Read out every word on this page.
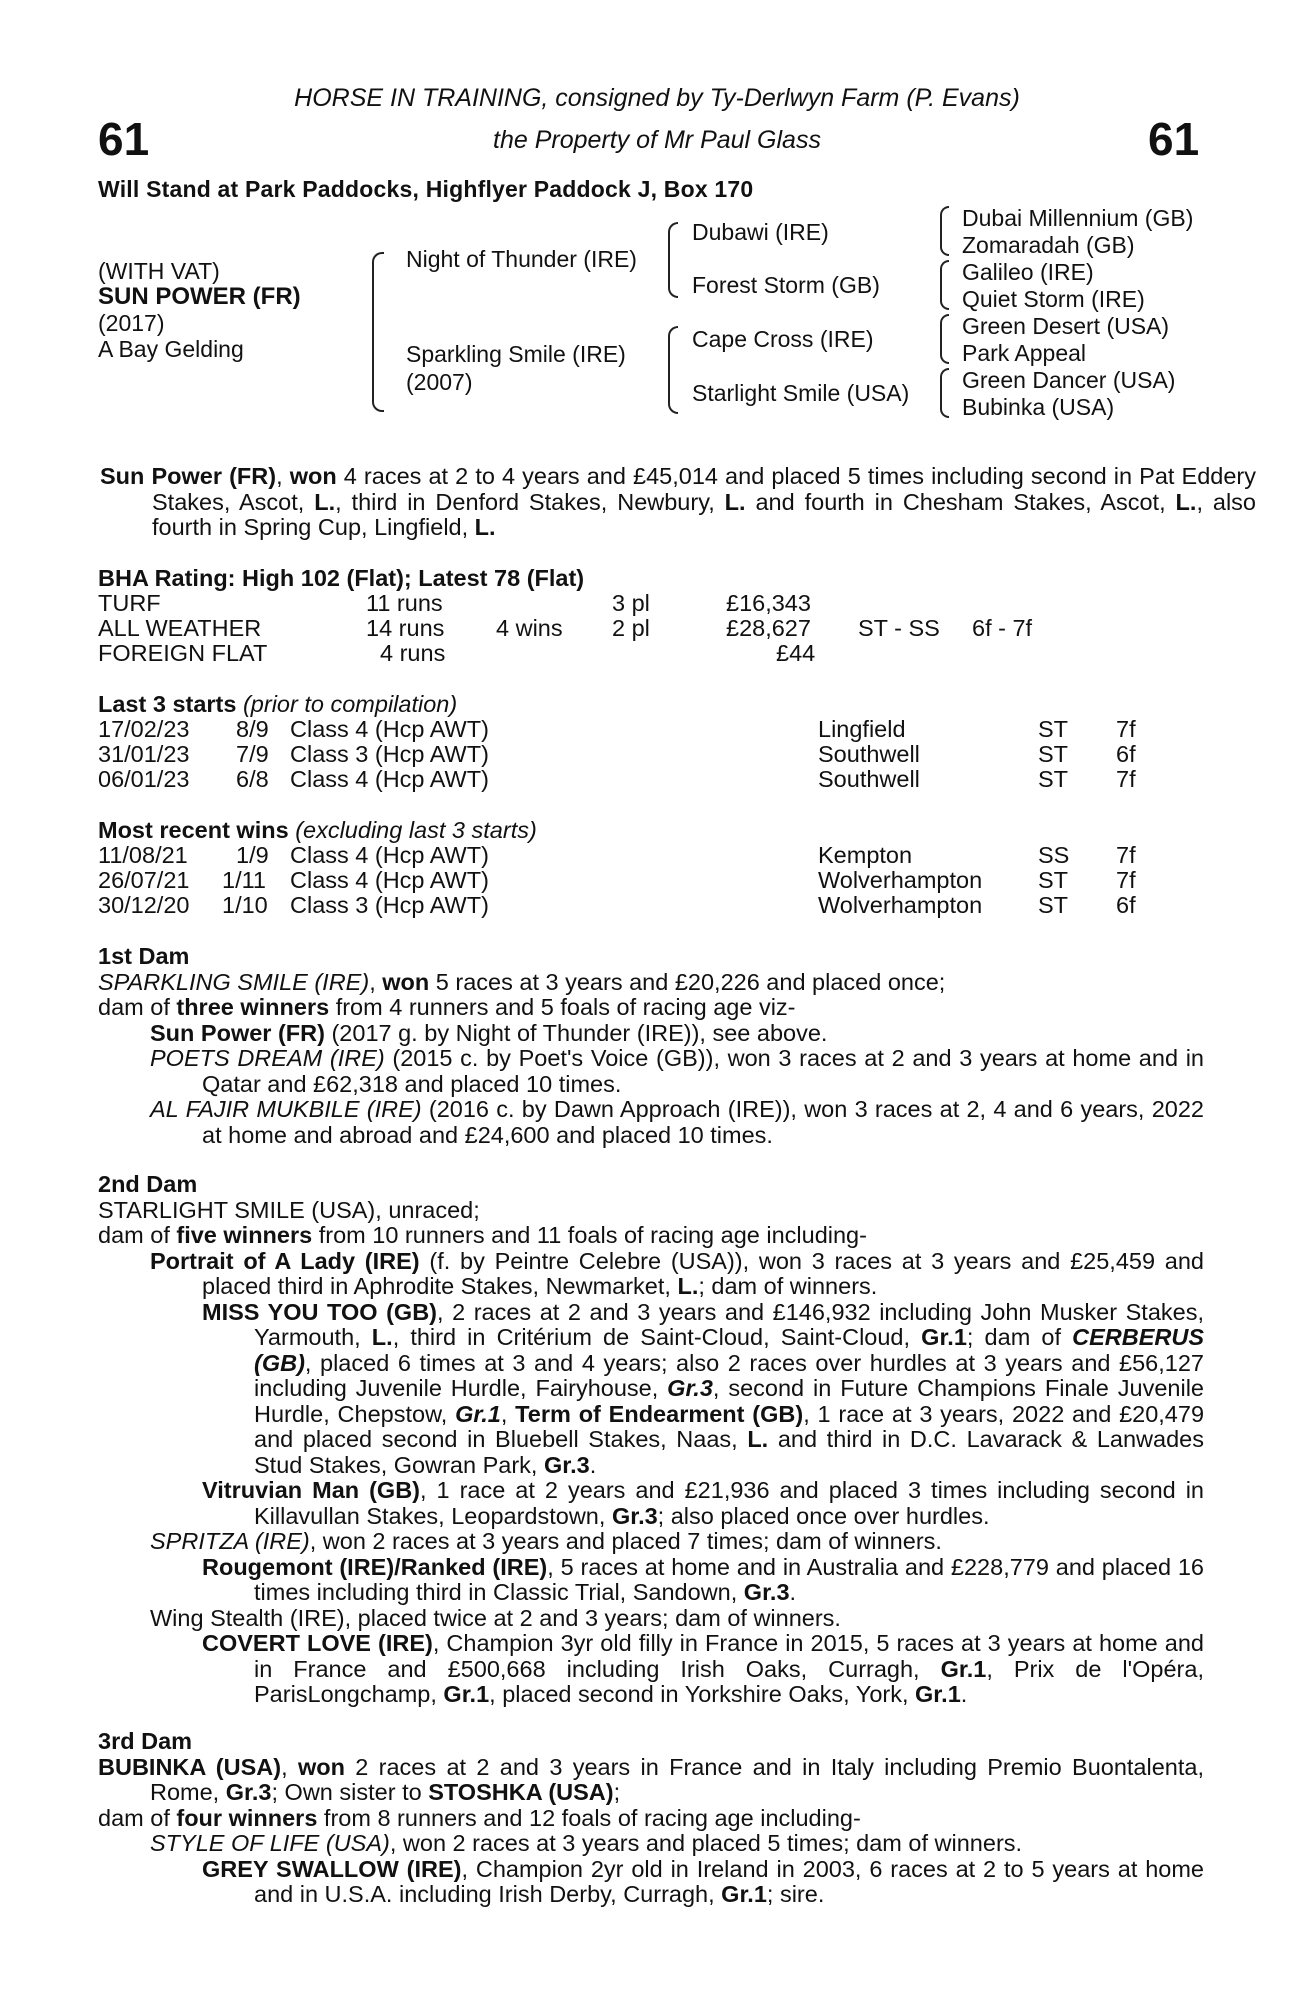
61	61
HORSE IN TRAINING, consigned by Ty-Derlwyn Farm (P. Evans)
the Property of Mr Paul Glass
Will Stand at Park Paddocks, Highflyer Paddock J, Box 170
(WITH VAT)
SUN POWER (FR)
(2017)
A Bay Gelding
Night of Thunder (IRE)
Sparkling Smile (IRE)
(2007)
Dubawi (IRE)
Forest Storm (GB)
Cape Cross (IRE)
Starlight Smile (USA)
Dubai Millennium (GB)
Zomaradah (GB)
Galileo (IRE)
Quiet Storm (IRE)
Green Desert (USA)
Park Appeal
Green Dancer (USA)
Bubinka (USA)
Sun Power (FR), won 4 races at 2 to 4 years and £45,014 and placed 5 times including second in Pat Eddery Stakes, Ascot, L., third in Denford Stakes, Newbury, L. and fourth in Chesham Stakes, Ascot, L., also fourth in Spring Cup, Lingfield, L.
BHA Rating: High 102 (Flat); Latest 78 (Flat)
TURF	11 runs	3 pl	£16,343
ALL WEATHER	14 runs 4 wins 2 pl	£28,627 ST - SS 6f - 7f
FOREIGN FLAT	4 runs	£44
Last 3 starts (prior to compilation)
17/02/23 8/9 Class 4 (Hcp AWT)	Lingfield	ST 7f
31/01/23 7/9 Class 3 (Hcp AWT)	Southwell	ST 6f
06/01/23 6/8 Class 4 (Hcp AWT)	Southwell	ST 7f
Most recent wins (excluding last 3 starts)
11/08/21 1/9 Class 4 (Hcp AWT)	Kempton	SS 7f
26/07/21 1/11 Class 4 (Hcp AWT)	Wolverhampton ST 7f
30/12/20 1/10 Class 3 (Hcp AWT)	Wolverhampton ST 6f
1st Dam
SPARKLING SMILE (IRE), won 5 races at 3 years and £20,226 and placed once;
dam of three winners from 4 runners and 5 foals of racing age viz-
Sun Power (FR) (2017 g. by Night of Thunder (IRE)), see above.
POETS DREAM (IRE) (2015 c. by Poet's Voice (GB)), won 3 races at 2 and 3 years at home and in Qatar and £62,318 and placed 10 times.
AL FAJIR MUKBILE (IRE) (2016 c. by Dawn Approach (IRE)), won 3 races at 2, 4 and 6 years, 2022 at home and abroad and £24,600 and placed 10 times.
2nd Dam
STARLIGHT SMILE (USA), unraced;
dam of five winners from 10 runners and 11 foals of racing age including-
Portrait of A Lady (IRE) (f. by Peintre Celebre (USA)), won 3 races at 3 years and £25,459 and placed third in Aphrodite Stakes, Newmarket, L.; dam of winners.
MISS YOU TOO (GB), 2 races at 2 and 3 years and £146,932 including John Musker Stakes, Yarmouth, L., third in Critérium de Saint-Cloud, Saint-Cloud, Gr.1; dam of CERBERUS (GB), placed 6 times at 3 and 4 years; also 2 races over hurdles at 3 years and £56,127 including Juvenile Hurdle, Fairyhouse, Gr.3, second in Future Champions Finale Juvenile Hurdle, Chepstow, Gr.1, Term of Endearment (GB), 1 race at 3 years, 2022 and £20,479 and placed second in Bluebell Stakes, Naas, L. and third in D.C. Lavarack & Lanwades Stud Stakes, Gowran Park, Gr.3.
Vitruvian Man (GB), 1 race at 2 years and £21,936 and placed 3 times including second in Killavullan Stakes, Leopardstown, Gr.3; also placed once over hurdles.
SPRITZA (IRE), won 2 races at 3 years and placed 7 times; dam of winners.
Rougemont (IRE)/Ranked (IRE), 5 races at home and in Australia and £228,779 and placed 16 times including third in Classic Trial, Sandown, Gr.3.
Wing Stealth (IRE), placed twice at 2 and 3 years; dam of winners.
COVERT LOVE (IRE), Champion 3yr old filly in France in 2015, 5 races at 3 years at home and in France and £500,668 including Irish Oaks, Curragh, Gr.1, Prix de l'Opéra, ParisLongchamp, Gr.1, placed second in Yorkshire Oaks, York, Gr.1.
3rd Dam
BUBINKA (USA), won 2 races at 2 and 3 years in France and in Italy including Premio Buontalenta, Rome, Gr.3; Own sister to STOSHKA (USA);
dam of four winners from 8 runners and 12 foals of racing age including-
STYLE OF LIFE (USA), won 2 races at 3 years and placed 5 times; dam of winners.
GREY SWALLOW (IRE), Champion 2yr old in Ireland in 2003, 6 races at 2 to 5 years at home and in U.S.A. including Irish Derby, Curragh, Gr.1; sire.
